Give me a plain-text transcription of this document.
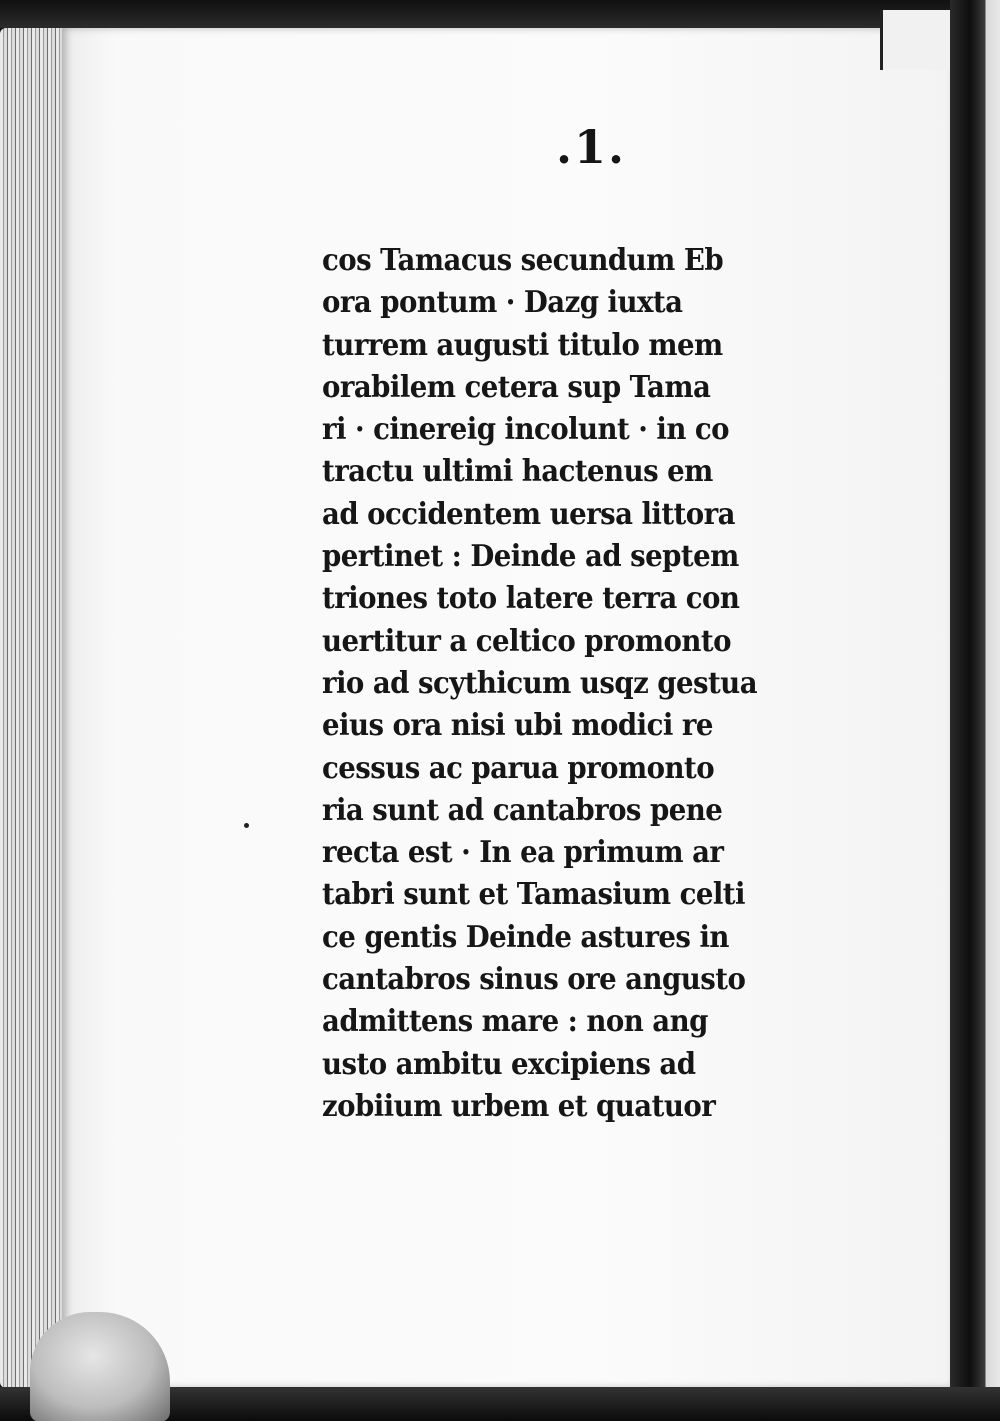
.1.
cos Tamacus secundum Eb
ora pontum · Dazg iuxta
turrem augusti titulo mem
orabilem cetera sup Tama
ri · cinereig incolunt · in co
tractu ultimi hactenus em
ad occidentem uersa littora
pertinet : Deinde ad septem
triones toto latere terra con
uertitur a celtico promonto
rio ad scythicum usqz gestua
eius ora nisi ubi modici re
cessus ac parua promonto
ria sunt ad cantabros pene
recta est · In ea primum ar
tabri sunt et Tamasium celti
ce gentis Deinde astures in
cantabros sinus ore angusto
admittens mare : non ang
usto ambitu excipiens ad
zobiium urbem et quatuor
